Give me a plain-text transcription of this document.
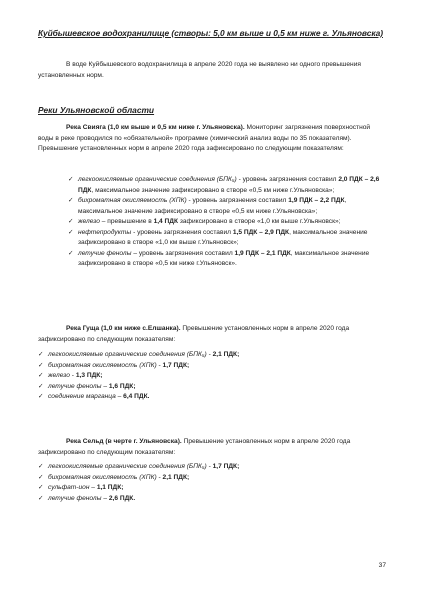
Куйбышевское водохранилище (створы: 5,0 км выше и 0,5 км ниже г. Ульяновска)
В воде Куйбышевского водохранилища в апреле 2020 года не выявлено ни одного превышения установленных норм.
Реки Ульяновской области
Река Свияга (1,0 км выше и 0,5 км ниже г. Ульяновска). Мониторинг загрязнения поверхностной воды в реке проводился по «обязательной» программе (химический анализ воды по 35 показателям). Превышение установленных норм в апреле 2020 года зафиксировано по следующим показателям:
✓ легкоокисляемые органические соединения (БПК₅) - уровень загрязнения составил 2,0 ПДК – 2,6 ПДК, максимальное значение зафиксировано в створе «0,5 км ниже г.Ульяновска»;
✓ бихроматная окисляемость (ХПК) - уровень загрязнения составил 1,9 ПДК – 2,2 ПДК, максимальное значение зафиксировано в створе «0,5 км ниже г.Ульяновска»;
✓ железо – превышение в 1,4 ПДК зафиксировано в створе «1,0 км выше г.Ульяновск»;
✓ нефтепродукты - уровень загрязнения составил 1,5 ПДК – 2,9 ПДК, максимальное значение зафиксировано в створе «1,0 км выше г.Ульяновск»;
✓ летучие фенолы – уровень загрязнения составил 1,9 ПДК – 2,1 ПДК, максимальное значение зафиксировано в створе «0,5 км ниже г.Ульяновск».
Река Гуща (1,0 км ниже с.Елшанка). Превышение установленных норм в апреле 2020 года зафиксировано по следующим показателям:
✓ легкоокисляемые органические соединения (БПК₅) - 2,1 ПДК;
✓ бихроматная окисляемость (ХПК) - 1,7 ПДК;
✓ железо - 1,3 ПДК;
✓ летучие фенолы – 1,6 ПДК;
✓ соединение марганца – 6,4 ПДК.
Река Сельд (в черте г. Ульяновска). Превышение установленных норм в апреле 2020 года зафиксировано по следующим показателям:
✓ легкоокисляемые органические соединения (БПК₅) - 1,7 ПДК;
✓ бихроматная окисляемость (ХПК) - 2,1 ПДК;
✓ сульфат-ион – 1,1 ПДК;
✓ летучие фенолы – 2,6 ПДК.
37
